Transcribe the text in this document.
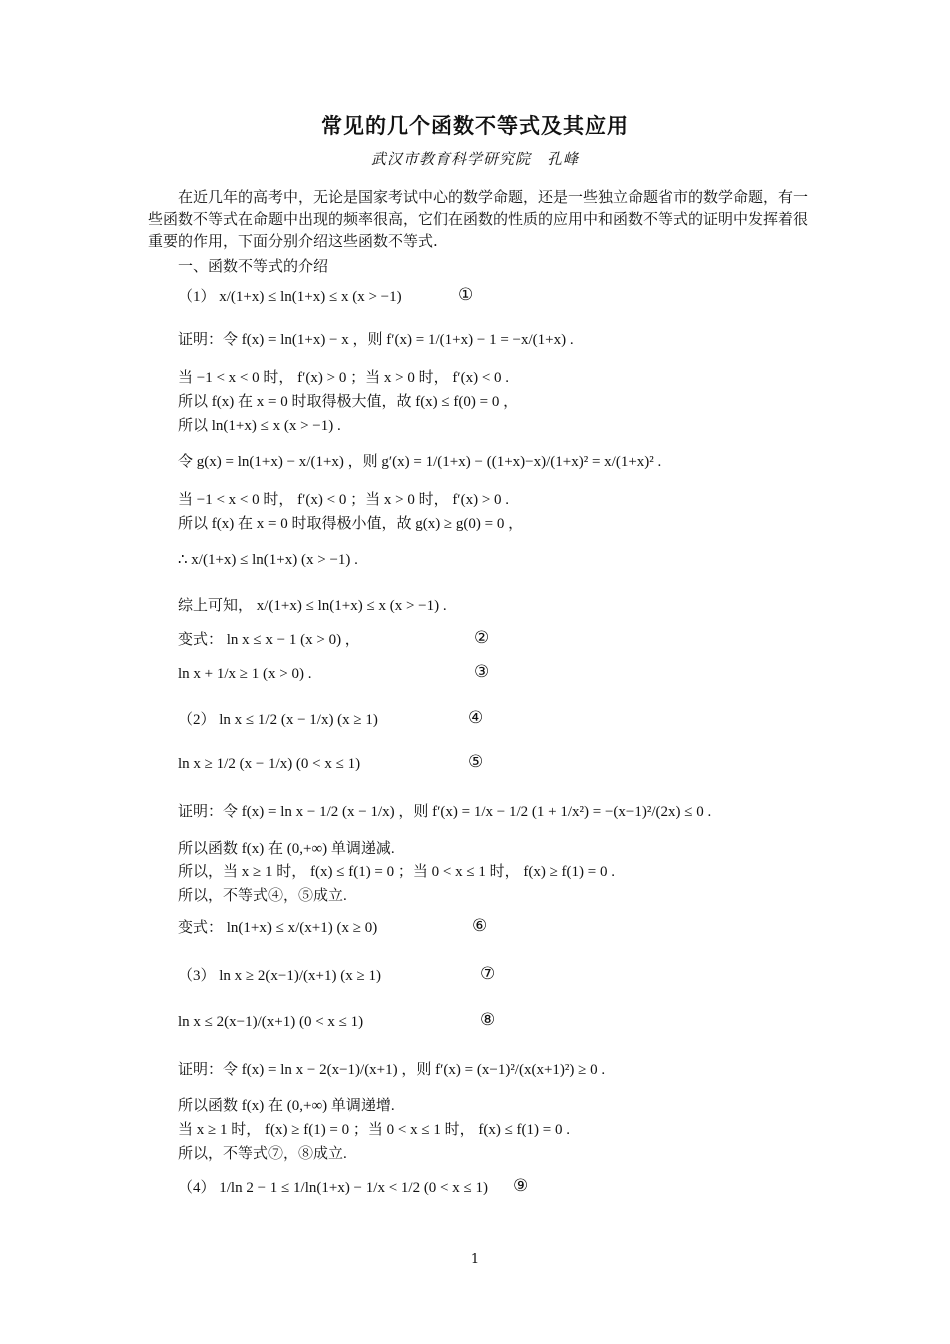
常见的几个函数不等式及其应用
武汉市教育科学研究院　孔峰
在近几年的高考中，无论是国家考试中心的数学命题，还是一些独立命题省市的数学命题，有一些函数不等式在命题中出现的频率很高，它们在函数的性质的应用中和函数不等式的证明中发挥着很重要的作用，下面分别介绍这些函数不等式.
一、函数不等式的介绍
（1） x/(1+x) ≤ ln(1+x) ≤ x (x > −1)	①
证明：令 f(x) = ln(1+x) − x ，则 f′(x) = 1/(1+x) − 1 = −x/(1+x) .
当 −1 < x < 0 时， f′(x) > 0 ；当 x > 0 时， f′(x) < 0 .
所以 f(x) 在 x = 0 时取得极大值，故 f(x) ≤ f(0) = 0 ，
所以 ln(1+x) ≤ x (x > −1) .
令 g(x) = ln(1+x) − x/(1+x) ，则 g′(x) = 1/(1+x) − ((1+x)−x)/(1+x)² = x/(1+x)² .
当 −1 < x < 0 时， f′(x) < 0 ；当 x > 0 时， f′(x) > 0 .
所以 f(x) 在 x = 0 时取得极小值，故 g(x) ≥ g(0) = 0 ，
∴ x/(1+x) ≤ ln(1+x) (x > −1) .
综上可知， x/(1+x) ≤ ln(1+x) ≤ x (x > −1) .
变式： ln x ≤ x − 1 (x > 0) ，	②
ln x + 1/x ≥ 1 (x > 0) .	③
（2） ln x ≤ 1/2 (x − 1/x) (x ≥ 1)	④
ln x ≥ 1/2 (x − 1/x) (0 < x ≤ 1)	⑤
证明：令 f(x) = ln x − 1/2 (x − 1/x) ，则 f′(x) = 1/x − 1/2 (1 + 1/x²) = −(x−1)²/(2x) ≤ 0 .
所以函数 f(x) 在 (0,+∞) 单调递减.
所以，当 x ≥ 1 时， f(x) ≤ f(1) = 0 ；当 0 < x ≤ 1 时， f(x) ≥ f(1) = 0 .
所以，不等式④，⑤成立.
变式： ln(1+x) ≤ x/(x+1) (x ≥ 0)	⑥
（3） ln x ≥ 2(x−1)/(x+1) (x ≥ 1)	⑦
ln x ≤ 2(x−1)/(x+1) (0 < x ≤ 1)	⑧
证明：令 f(x) = ln x − 2(x−1)/(x+1) ，则 f′(x) = (x−1)²/(x(x+1)²) ≥ 0 .
所以函数 f(x) 在 (0,+∞) 单调递增.
当 x ≥ 1 时， f(x) ≥ f(1) = 0 ；当 0 < x ≤ 1 时， f(x) ≤ f(1) = 0 .
所以，不等式⑦，⑧成立.
（4） 1/ln 2 − 1 ≤ 1/ln(1+x) − 1/x < 1/2 (0 < x ≤ 1) ⑨
1
